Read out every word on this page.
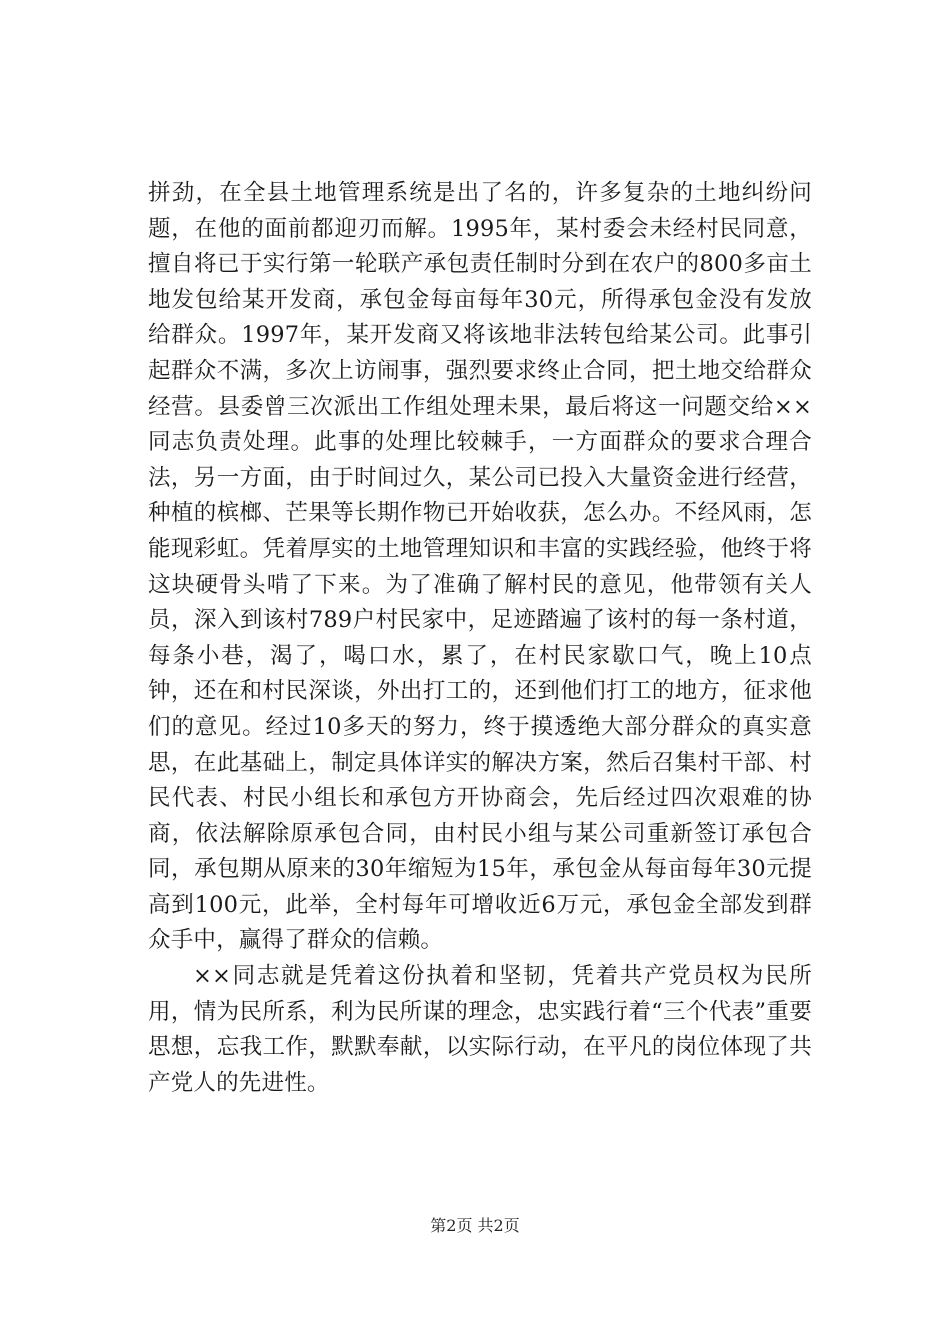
拼劲，在全县土地管理系统是出了名的，许多复杂的土地纠纷问题，在他的面前都迎刃而解。1995年，某村委会未经村民同意，擅自将已于实行第一轮联产承包责任制时分到在农户的800多亩土地发包给某开发商，承包金每亩每年30元，所得承包金没有发放给群众。1997年，某开发商又将该地非法转包给某公司。此事引起群众不满，多次上访闹事，强烈要求终止合同，把土地交给群众经营。县委曾三次派出工作组处理未果，最后将这一问题交给××同志负责处理。此事的处理比较棘手，一方面群众的要求合理合法，另一方面，由于时间过久，某公司已投入大量资金进行经营，种植的槟榔、芒果等长期作物已开始收获，怎么办。不经风雨，怎能现彩虹。凭着厚实的土地管理知识和丰富的实践经验，他终于将这块硬骨头啃了下来。为了准确了解村民的意见，他带领有关人员，深入到该村789户村民家中，足迹踏遍了该村的每一条村道，每条小巷，渴了，喝口水，累了，在村民家歇口气，晚上10点钟，还在和村民深谈，外出打工的，还到他们打工的地方，征求他们的意见。经过10多天的努力，终于摸透绝大部分群众的真实意思，在此基础上，制定具体详实的解决方案，然后召集村干部、村民代表、村民小组长和承包方开协商会，先后经过四次艰难的协商，依法解除原承包合同，由村民小组与某公司重新签订承包合同，承包期从原来的30年缩短为15年，承包金从每亩每年30元提高到100元，此举，全村每年可增收近6万元，承包金全部发到群众手中，赢得了群众的信赖。

××同志就是凭着这份执着和坚韧，凭着共产党员权为民所用，情为民所系，利为民所谋的理念，忠实践行着“三个代表”重要思想，忘我工作，默默奉献，以实际行动，在平凡的岗位体现了共产党人的先进性。

第2页 共2页
